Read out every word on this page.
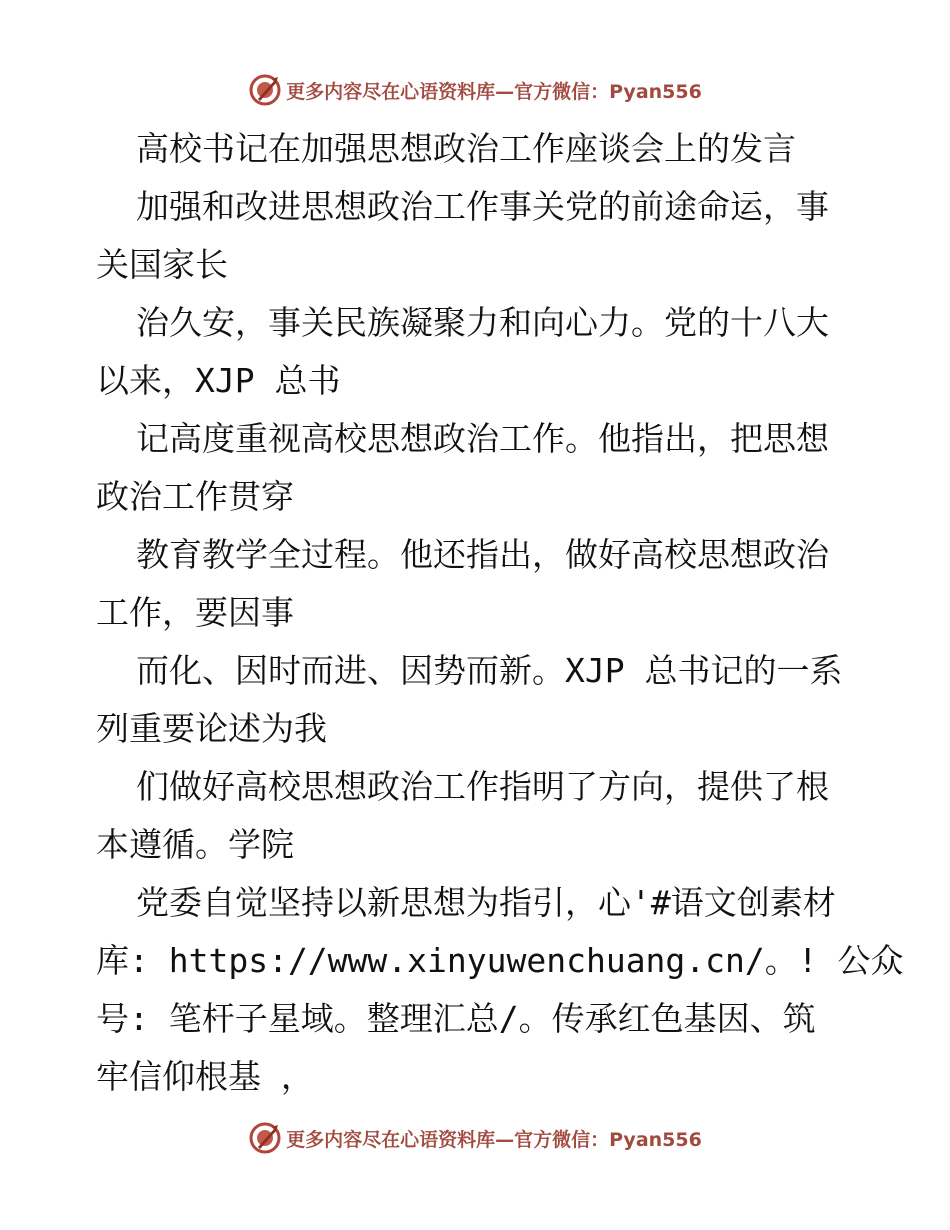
更多内容尽在心语资料库—官方微信：Pyan556
高校书记在加强思想政治工作座谈会上的发言
加强和改进思想政治工作事关党的前途命运，事
关国家长
治久安，事关民族凝聚力和向心力。党的十八大
以来，XJP 总书
记高度重视高校思想政治工作。他指出，把思想
政治工作贯穿
教育教学全过程。他还指出，做好高校思想政治
工作，要因事
而化、因时而进、因势而新。XJP 总书记的一系
列重要论述为我
们做好高校思想政治工作指明了方向，提供了根
本遵循。学院
党委自觉坚持以新思想为指引，心'#语文创素材
库: https://www.xinyuwenchuang.cn/。! 公众
号: 笔杆子星域。整理汇总/。传承红色基因、筑
牢信仰根基 ，
更多内容尽在心语资料库—官方微信：Pyan556
